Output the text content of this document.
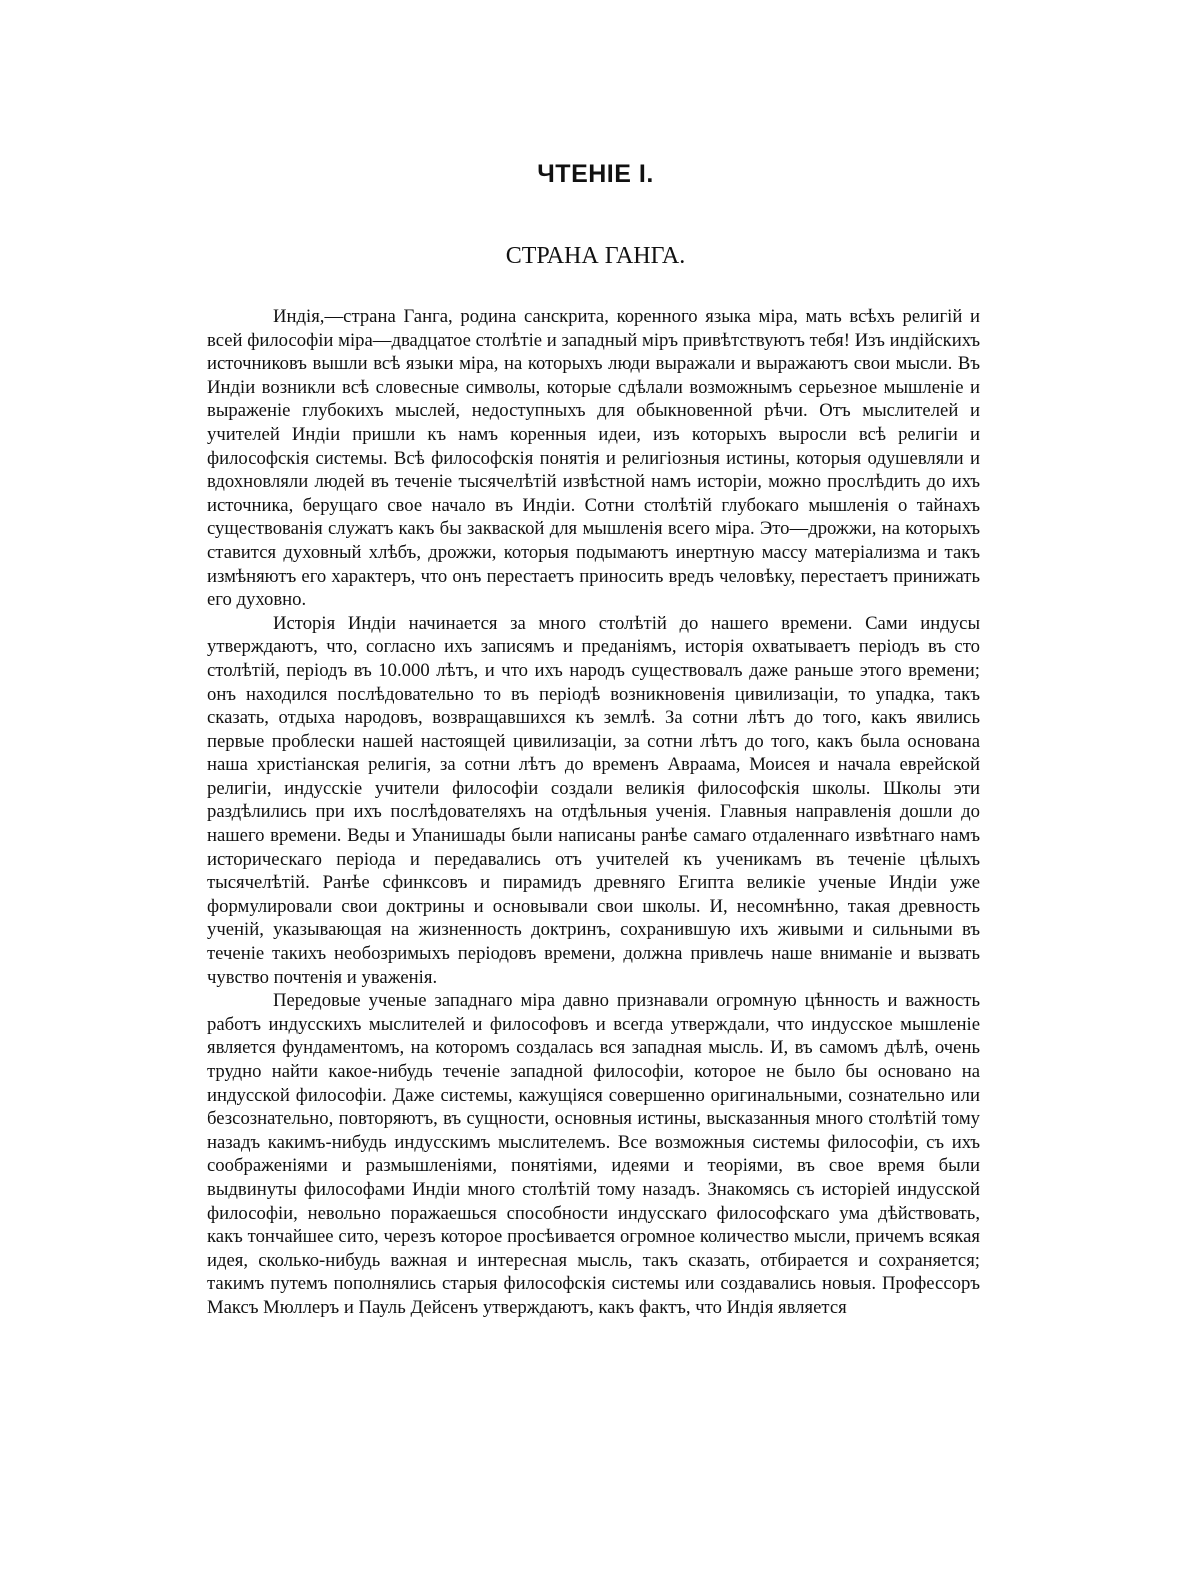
ЧТЕНІЕ I.
СТРАНА ГАНГА.

Индія,—страна Ганга, родина санскрита, коренного языка міра, мать всѣхъ религій и всей философіи міра—двадцатое столѣтіе и западный міръ привѣтствуютъ тебя! Изъ индійскихъ источниковъ вышли всѣ языки міра, на которыхъ люди выражали и выражаютъ свои мысли. Въ Индіи возникли всѣ словесные символы, которые сдѣлали возможнымъ серьезное мышленіе и выраженіе глубокихъ мыслей, недоступныхъ для обыкновенной рѣчи. Отъ мыслителей и учителей Индіи пришли къ намъ коренныя идеи, изъ которыхъ выросли всѣ религіи и философскія системы. Всѣ философскія понятія и религіозныя истины, которыя одушевляли и вдохновляли людей въ теченіе тысячелѣтій извѣстной намъ исторіи, можно прослѣдить до ихъ источника, берущаго свое начало въ Индіи. Сотни столѣтій глубокаго мышленія о тайнахъ существованія служатъ какъ бы закваской для мышленія всего міра. Это—дрожжи, на которыхъ ставится духовный хлѣбъ, дрожжи, которыя подымаютъ инертную массу матеріализма и такъ измѣняютъ его характеръ, что онъ перестаетъ приносить вредъ человѣку, перестаетъ принижать его духовно.

Исторія Индіи начинается за много столѣтій до нашего времени. Сами индусы утверждаютъ, что, согласно ихъ записямъ и преданіямъ, исторія охватываетъ періодъ въ сто столѣтій, періодъ въ 10.000 лѣтъ, и что ихъ народъ существовалъ даже раньше этого времени; онъ находился послѣдовательно то въ періодѣ возникновенія цивилизаціи, то упадка, такъ сказать, отдыха народовъ, возвращавшихся къ землѣ. За сотни лѣтъ до того, какъ явились первые проблески нашей настоящей цивилизаціи, за сотни лѣтъ до того, какъ была основана наша христіанская религія, за сотни лѣтъ до временъ Авраама, Моисея и начала еврейской религіи, индусскіе учители философіи создали великія философскія школы. Школы эти раздѣлились при ихъ послѣдователяхъ на отдѣльныя ученія. Главныя направленія дошли до нашего времени. Веды и Упанишады были написаны ранѣе самаго отдаленнаго извѣтнаго намъ историческаго періода и передавались отъ учителей къ ученикамъ въ теченіе цѣлыхъ тысячелѣтій. Ранѣе сфинксовъ и пирамидъ древняго Египта великіе ученые Индіи уже формулировали свои доктрины и основывали свои школы. И, несомнѣнно, такая древность ученій, указывающая на жизненность доктринъ, сохранившую ихъ живыми и сильными въ теченіе такихъ необозримыхъ періодовъ времени, должна привлечь наше вниманіе и вызвать чувство почтенія и уваженія.

Передовые ученые западнаго міра давно признавали огромную цѣнность и важность работъ индусскихъ мыслителей и философовъ и всегда утверждали, что индусское мышленіе является фундаментомъ, на которомъ создалась вся западная мысль. И, въ самомъ дѣлѣ, очень трудно найти какое-нибудь теченіе западной философіи, которое не было бы основано на индусской философіи. Даже системы, кажущіяся совершенно оригинальными, сознательно или безсознательно, повторяютъ, въ сущности, основныя истины, высказанныя много столѣтій тому назадъ какимъ-нибудь индусскимъ мыслителемъ. Все возможныя системы философіи, съ ихъ соображеніями и размышленіями, понятіями, идеями и теоріями, въ свое время были выдвинуты философами Индіи много столѣтій тому назадъ. Знакомясь съ исторіей индусской философіи, невольно поражаешься способности индусскаго философскаго ума дѣйствовать, какъ тончайшее сито, черезъ которое просѣивается огромное количество мысли, причемъ всякая идея, сколько-нибудь важная и интересная мысль, такъ сказать, отбирается и сохраняется; такимъ путемъ пополнялись старыя философскія системы или создавались новыя. Профессоръ Максъ Мюллеръ и Пауль Дейсенъ утверждаютъ, какъ фактъ, что Индія является
